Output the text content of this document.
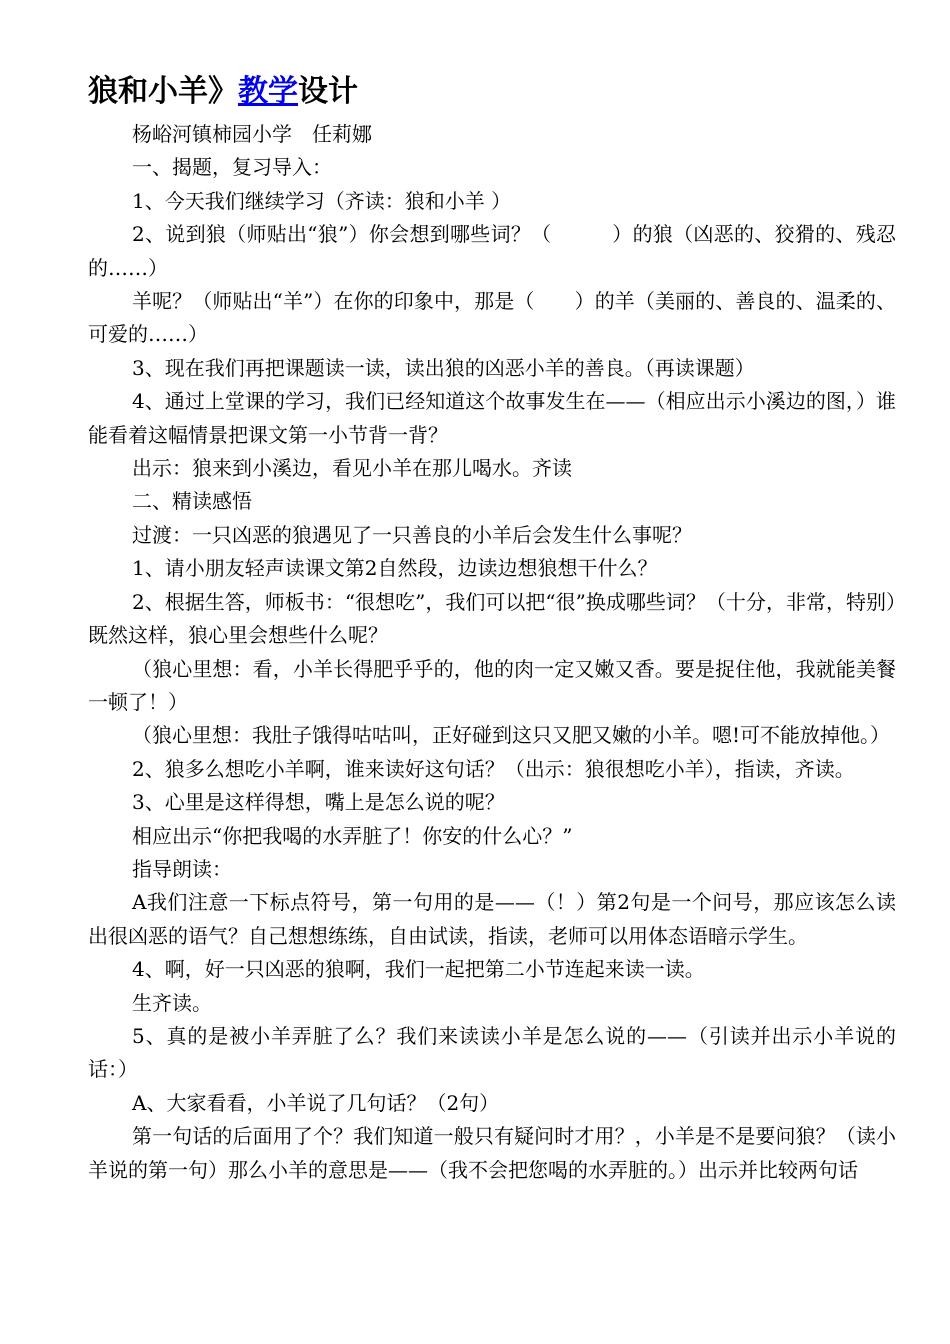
狼和小羊》教学设计

杨峪河镇柿园小学　任莉娜

一、揭题，复习导入：

1、今天我们继续学习（齐读：狼和小羊 ）

2、说到狼（师贴出“狼”）你会想到哪些词？（　　　）的狼（凶恶的、狡猾的、残忍的……）

羊呢？（师贴出“羊”）在你的印象中，那是（　　）的羊（美丽的、善良的、温柔的、可爱的……）

3、现在我们再把课题读一读，读出狼的凶恶小羊的善良。（再读课题）

4、通过上堂课的学习，我们已经知道这个故事发生在——（相应出示小溪边的图，）谁能看着这幅情景把课文第一小节背一背？

出示：狼来到小溪边，看见小羊在那儿喝水。齐读

二、精读感悟

过渡：一只凶恶的狼遇见了一只善良的小羊后会发生什么事呢？

1、请小朋友轻声读课文第2自然段，边读边想狼想干什么？

2、根据生答，师板书：“很想吃”，我们可以把“很”换成哪些词？（十分，非常，特别）既然这样，狼心里会想些什么呢？

（狼心里想：看，小羊长得肥乎乎的，他的肉一定又嫩又香。要是捉住他，我就能美餐一顿了！）

（狼心里想：我肚子饿得咕咕叫，正好碰到这只又肥又嫩的小羊。嗯!可不能放掉他。）

2、狼多么想吃小羊啊，谁来读好这句话？（出示：狼很想吃小羊），指读，齐读。

3、心里是这样得想，嘴上是怎么说的呢？

相应出示“你把我喝的水弄脏了！你安的什么心？”

指导朗读：

A我们注意一下标点符号，第一句用的是——（！）第2句是一个问号，那应该怎么读出很凶恶的语气？自己想想练练，自由试读，指读，老师可以用体态语暗示学生。

4、啊，好一只凶恶的狼啊，我们一起把第二小节连起来读一读。

生齐读。

5、真的是被小羊弄脏了么？我们来读读小羊是怎么说的——（引读并出示小羊说的话：）

A、大家看看，小羊说了几句话？（2句）

第一句话的后面用了个？我们知道一般只有疑问时才用？，小羊是不是要问狼？（读小羊说的第一句）那么小羊的意思是——（我不会把您喝的水弄脏的。）出示并比较两句话
